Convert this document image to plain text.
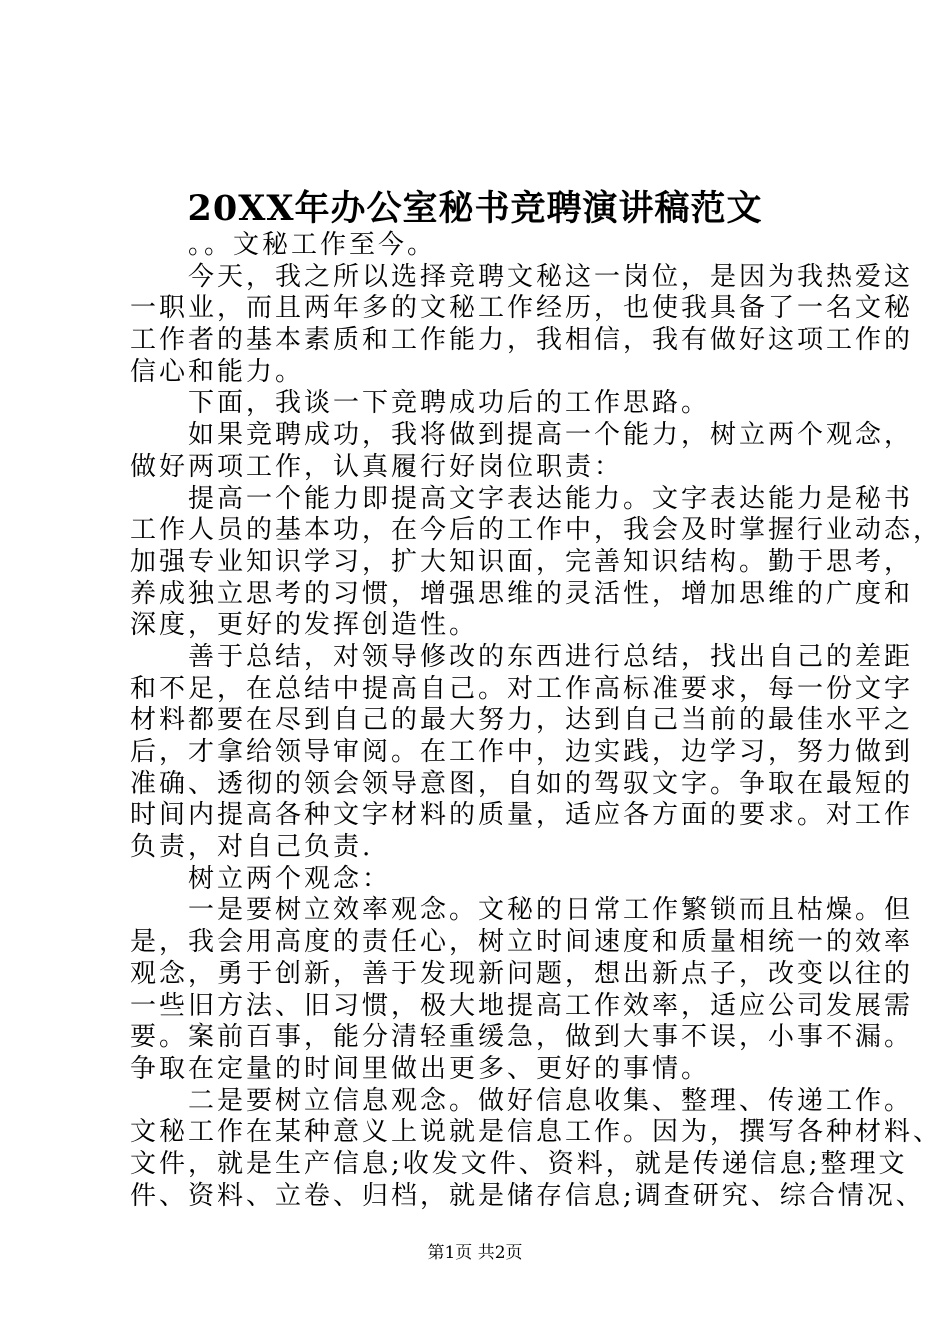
20XX年办公室秘书竞聘演讲稿范文
　　。。文秘工作至今。
　　今天，我之所以选择竞聘文秘这一岗位，是因为我热爱这
一职业，而且两年多的文秘工作经历，也使我具备了一名文秘
工作者的基本素质和工作能力，我相信，我有做好这项工作的
信心和能力。
　　下面，我谈一下竞聘成功后的工作思路。
　　如果竞聘成功，我将做到提高一个能力，树立两个观念，
做好两项工作，认真履行好岗位职责：
　　提高一个能力即提高文字表达能力。文字表达能力是秘书
工作人员的基本功，在今后的工作中，我会及时掌握行业动态，
加强专业知识学习，扩大知识面，完善知识结构。勤于思考，
养成独立思考的习惯，增强思维的灵活性，增加思维的广度和
深度，更好的发挥创造性。
　　善于总结，对领导修改的东西进行总结，找出自己的差距
和不足，在总结中提高自己。对工作高标准要求，每一份文字
材料都要在尽到自己的最大努力，达到自己当前的最佳水平之
后，才拿给领导审阅。在工作中，边实践，边学习，努力做到
准确、透彻的领会领导意图，自如的驾驭文字。争取在最短的
时间内提高各种文字材料的质量，适应各方面的要求。对工作
负责，对自己负责.
　　树立两个观念：
　　一是要树立效率观念。文秘的日常工作繁锁而且枯燥。但
是，我会用高度的责任心，树立时间速度和质量相统一的效率
观念，勇于创新，善于发现新问题，想出新点子，改变以往的
一些旧方法、旧习惯，极大地提高工作效率，适应公司发展需
要。案前百事，能分清轻重缓急，做到大事不误，小事不漏。
争取在定量的时间里做出更多、更好的事情。
　　二是要树立信息观念。做好信息收集、整理、传递工作。
文秘工作在某种意义上说就是信息工作。因为，撰写各种材料、
文件，就是生产信息;收发文件、资料，就是传递信息;整理文
件、资料、立卷、归档，就是储存信息;调查研究、综合情况、
第1页 共2页
